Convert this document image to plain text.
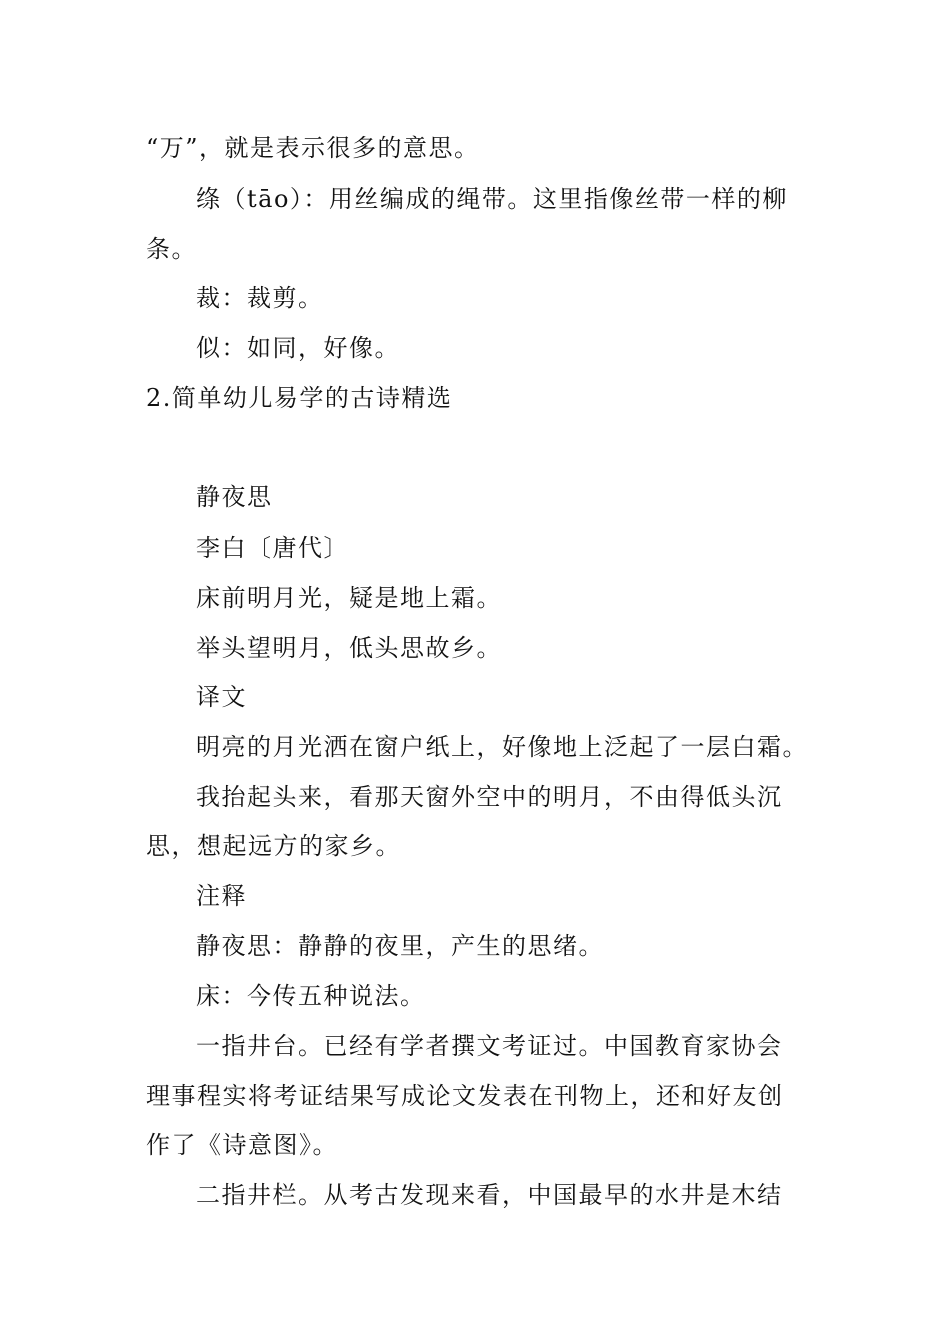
“万”，就是表示很多的意思。
绦（tāo）：用丝编成的绳带。这里指像丝带一样的柳
条。
裁：裁剪。
似：如同，好像。
2.简单幼儿易学的古诗精选
静夜思
李白〔唐代〕
床前明月光，疑是地上霜。
举头望明月，低头思故乡。
译文
明亮的月光洒在窗户纸上，好像地上泛起了一层白霜。
我抬起头来，看那天窗外空中的明月，不由得低头沉
思，想起远方的家乡。
注释
静夜思：静静的夜里，产生的思绪。
床：今传五种说法。
一指井台。已经有学者撰文考证过。中国教育家协会
理事程实将考证结果写成论文发表在刊物上，还和好友创
作了《诗意图》。
二指井栏。从考古发现来看，中国最早的水井是木结
